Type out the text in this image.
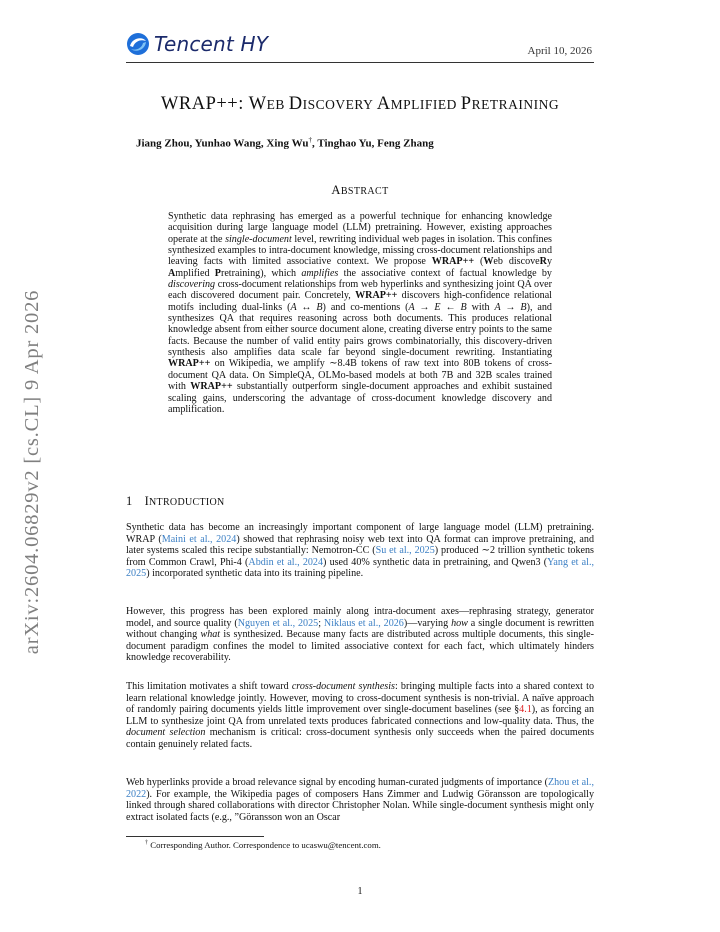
Tencent HY	April 10, 2026
WRAP++: WEB DISCOVERY AMPLIFIED PRETRAINING
Jiang Zhou, Yunhao Wang, Xing Wu†, Tinghao Yu, Feng Zhang
ABSTRACT
Synthetic data rephrasing has emerged as a powerful technique for enhancing knowledge acquisition during large language model (LLM) pretraining. However, existing approaches operate at the single-document level, rewriting individual web pages in isolation. This confines synthesized examples to intra-document knowledge, missing cross-document relationships and leaving facts with limited associative context. We propose WRAP++ (Web discoveRy Amplified Pretraining), which amplifies the associative context of factual knowledge by discovering cross-document relationships from web hyperlinks and synthesizing joint QA over each discovered document pair. Concretely, WRAP++ discovers high-confidence relational motifs including dual-links (A ↔ B) and co-mentions (A → E ← B with A → B), and synthesizes QA that requires reasoning across both documents. This produces relational knowledge absent from either source document alone, creating diverse entry points to the same facts. Because the number of valid entity pairs grows combinatorially, this discovery-driven synthesis also amplifies data scale far beyond single-document rewriting. Instantiating WRAP++ on Wikipedia, we amplify ∼8.4B tokens of raw text into 80B tokens of cross-document QA data. On SimpleQA, OLMo-based models at both 7B and 32B scales trained with WRAP++ substantially outperform single-document approaches and exhibit sustained scaling gains, underscoring the advantage of cross-document knowledge discovery and amplification.
1 INTRODUCTION
Synthetic data has become an increasingly important component of large language model (LLM) pretraining. WRAP (Maini et al., 2024) showed that rephrasing noisy web text into QA format can improve pretraining, and later systems scaled this recipe substantially: Nemotron-CC (Su et al., 2025) produced ∼2 trillion synthetic tokens from Common Crawl, Phi-4 (Abdin et al., 2024) used 40% synthetic data in pretraining, and Qwen3 (Yang et al., 2025) incorporated synthetic data into its training pipeline.
However, this progress has been explored mainly along intra-document axes—rephrasing strategy, generator model, and source quality (Nguyen et al., 2025; Niklaus et al., 2026)—varying how a single document is rewritten without changing what is synthesized. Because many facts are distributed across multiple documents, this single-document paradigm confines the model to limited associative context for each fact, which ultimately hinders knowledge recoverability.
This limitation motivates a shift toward cross-document synthesis: bringing multiple facts into a shared context to learn relational knowledge jointly. However, moving to cross-document synthesis is non-trivial. A naïve approach of randomly pairing documents yields little improvement over single-document baselines (see §4.1), as forcing an LLM to synthesize joint QA from unrelated texts produces fabricated connections and low-quality data. Thus, the document selection mechanism is critical: cross-document synthesis only succeeds when the paired documents contain genuinely related facts.
Web hyperlinks provide a broad relevance signal by encoding human-curated judgments of importance (Zhou et al., 2022). For example, the Wikipedia pages of composers Hans Zimmer and Ludwig Göransson are topologically linked through shared collaborations with director Christopher Nolan. While single-document synthesis might only extract isolated facts (e.g., ”Göransson won an Oscar
† Corresponding Author. Correspondence to ucaswu@tencent.com.
1
arXiv:2604.06829v2 [cs.CL] 9 Apr 2026
